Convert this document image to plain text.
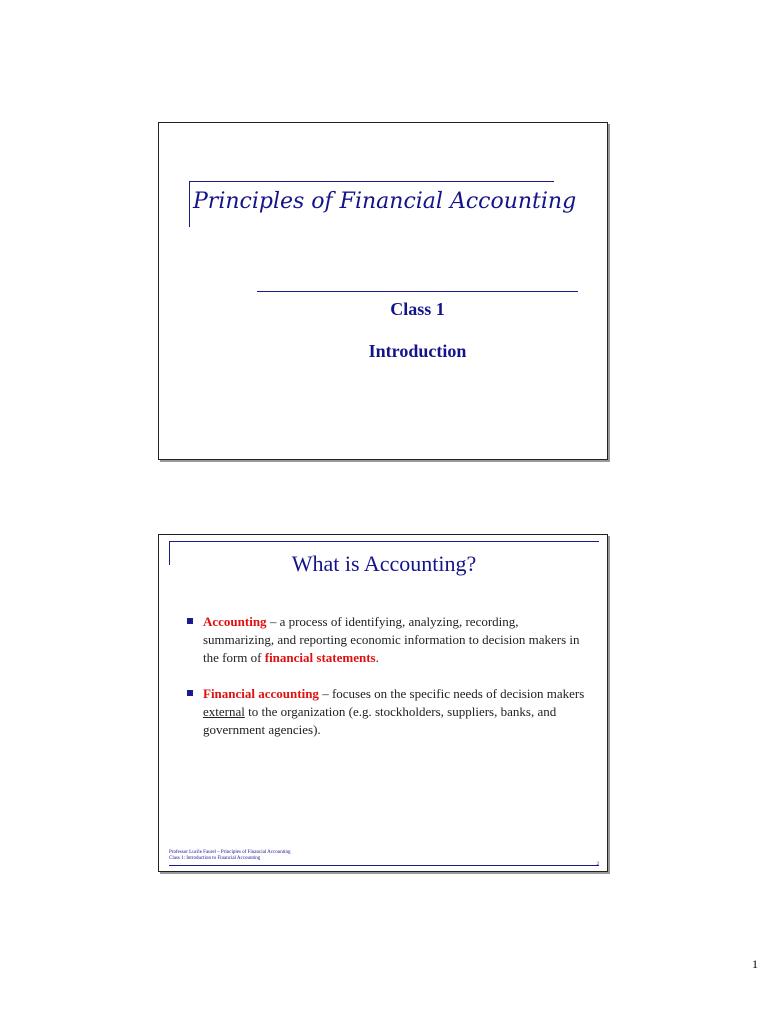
Principles of Financial Accounting
Class 1
Introduction
What is Accounting?
Accounting – a process of identifying, analyzing, recording, summarizing, and reporting economic information to decision makers in the form of financial statements.
Financial accounting – focuses on the specific needs of decision makers external to the organization (e.g. stockholders, suppliers, banks, and government agencies).
Professor Lucile Faurel – Principles of Financial Accounting
Class 1: Introduction to Financial Accounting
1
